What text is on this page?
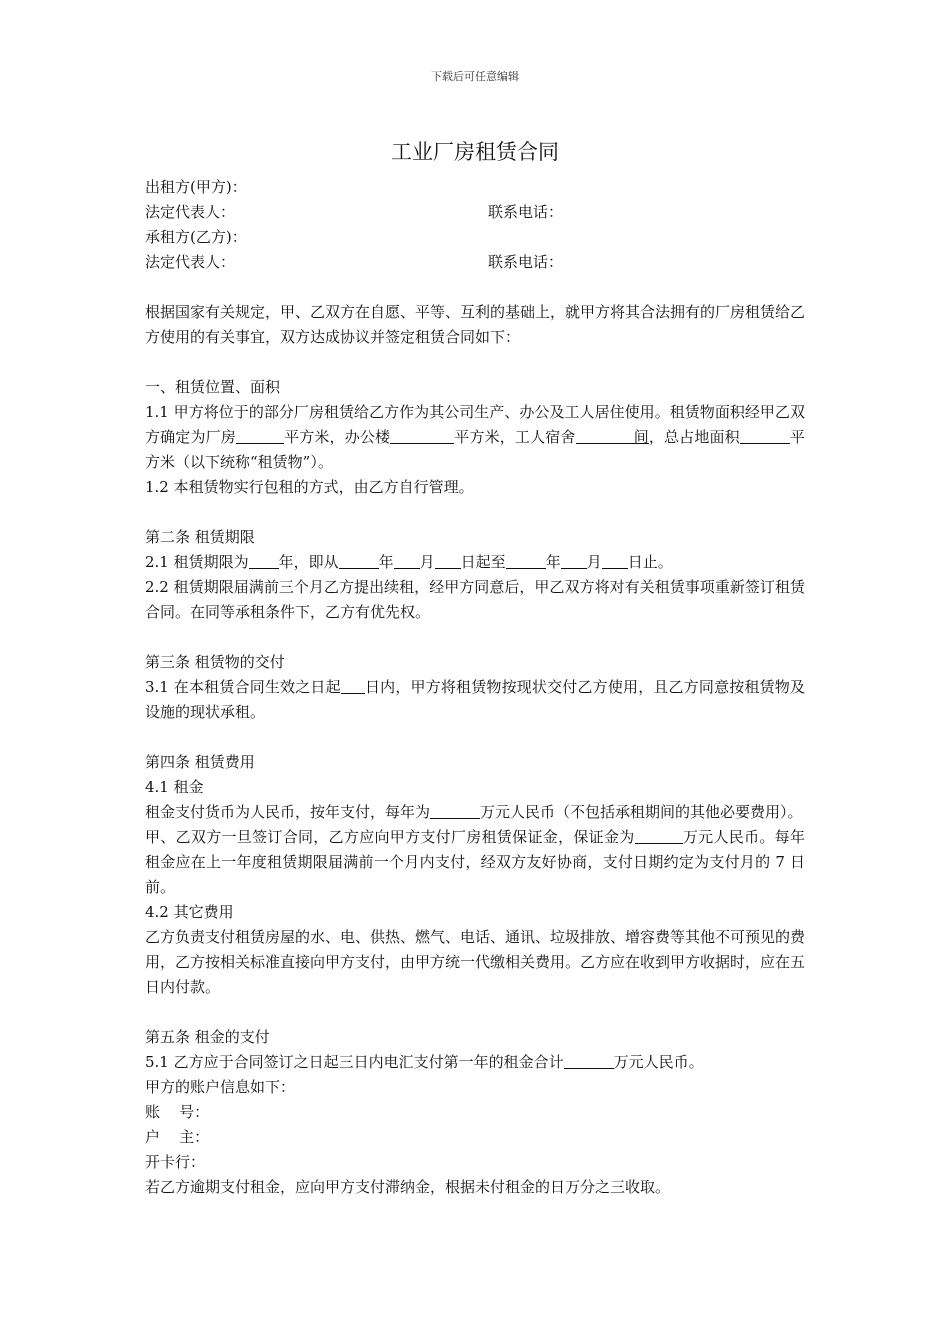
下载后可任意编辑
工业厂房租赁合同
出租方(甲方)：
法定代表人：	联系电话：
承租方(乙方)：
法定代表人：	联系电话：
根据国家有关规定，甲、乙双方在自愿、平等、互利的基础上，就甲方将其合法拥有的厂房租赁给乙方使用的有关事宜，双方达成协议并签定租赁合同如下：
一、租赁位置、面积
1.1 甲方将位于的部分厂房租赁给乙方作为其公司生产、办公及工人居住使用。租赁物面积经甲乙双方确定为厂房	平方米，办公楼	平方米，工人宿舍	间，总占地面积	平方米（以下统称“租赁物”）。
1.2 本租赁物实行包租的方式，由乙方自行管理。
第二条 租赁期限
2.1 租赁期限为 年，即从	年 月 日起至	年 月 日止。
2.2 租赁期限届满前三个月乙方提出续租，经甲方同意后，甲乙双方将对有关租赁事项重新签订租赁合同。在同等承租条件下，乙方有优先权。
第三条 租赁物的交付
3.1 在本租赁合同生效之日起 日内，甲方将租赁物按现状交付乙方使用，且乙方同意按租赁物及设施的现状承租。
第四条 租赁费用
4.1 租金
租金支付货币为人民币，按年支付，每年为	万元人民币（不包括承租期间的其他必要费用）。
甲、乙双方一旦签订合同，乙方应向甲方支付厂房租赁保证金，保证金为	万元人民币。每年租金应在上一年度租赁期限届满前一个月内支付，经双方友好协商，支付日期约定为支付月的 7 日前。
4.2 其它费用
乙方负责支付租赁房屋的水、电、供热、燃气、电话、通讯、垃圾排放、增容费等其他不可预见的费用，乙方按相关标准直接向甲方支付，由甲方统一代缴相关费用。乙方应在收到甲方收据时，应在五日内付款。
第五条 租金的支付
5.1 乙方应于合同签订之日起三日内电汇支付第一年的租金合计	万元人民币。
甲方的账户信息如下：
账    号：
户    主：
开卡行：
若乙方逾期支付租金，应向甲方支付滞纳金，根据未付租金的日万分之三收取。
